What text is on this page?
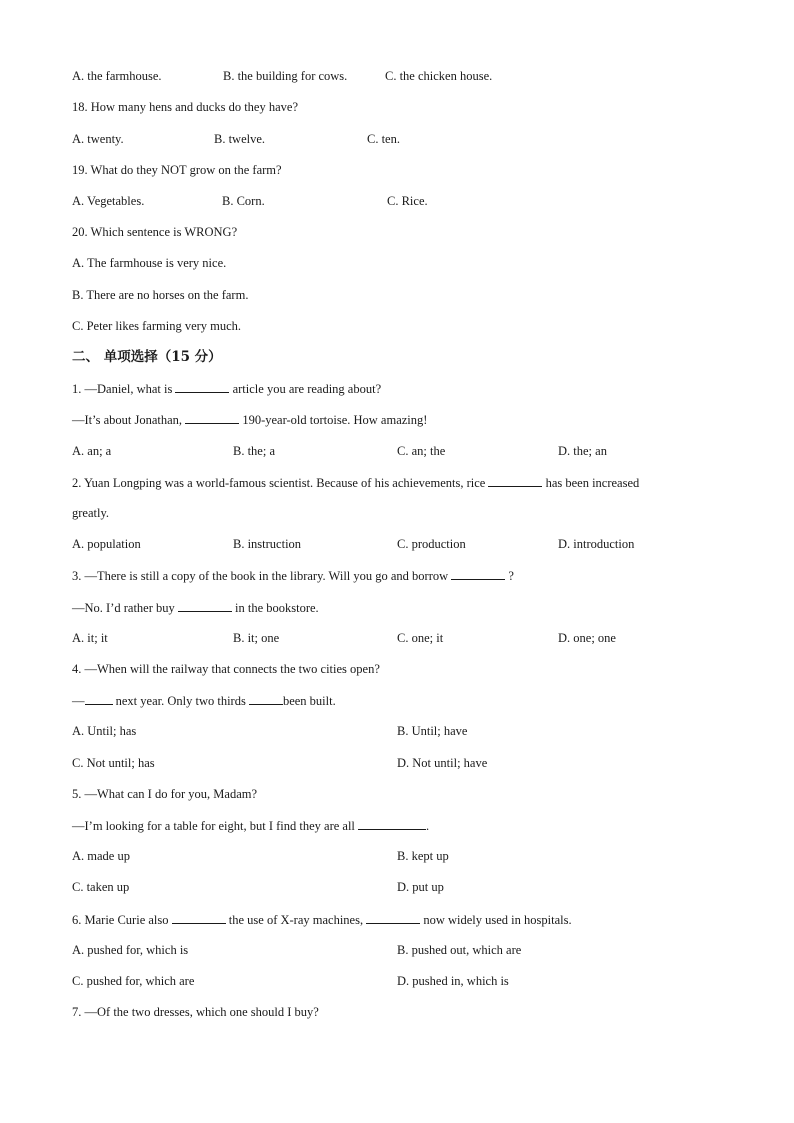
A. the farmhouse.	B. the building for cows.	C. the chicken house.
18. How many hens and ducks do they have?
A. twenty.	B. twelve.	C. ten.
19. What do they NOT grow on the farm?
A. Vegetables.	B. Corn.	C. Rice.
20. Which sentence is WRONG?
A. The farmhouse is very nice.
B. There are no horses on the farm.
C. Peter likes farming very much.
二、 单项选择（15 分）
1. —Daniel, what is	article you are reading about?
—It’s about Jonathan,	190-year-old tortoise. How amazing!
A. an; a	B. the; a	C. an; the	D. the; an
2. Yuan Longping was a world-famous scientist. Because of his achievements, rice	has been increased
greatly.
A. population	B. instruction	C. production	D. introduction
3. —There is still a copy of the book in the library. Will you go and borrow	?
—No. I’d rather buy	in the bookstore.
A. it; it	B. it; one	C. one; it	D. one; one
4. —When will the railway that connects the two cities open?
— next year. Only two thirds	been built.
A. Until; has	B. Until; have
C. Not until; has	D. Not until; have
5. —What can I do for you, Madam?
—I’m looking for a table for eight, but I find they are all	.
A. made up	B. kept up
C. taken up	D. put up
6. Marie Curie also	the use of X-ray machines,	now widely used in hospitals.
A. pushed for, which is	B. pushed out, which are
C. pushed for, which are	D. pushed in, which is
7. —Of the two dresses, which one should I buy?
